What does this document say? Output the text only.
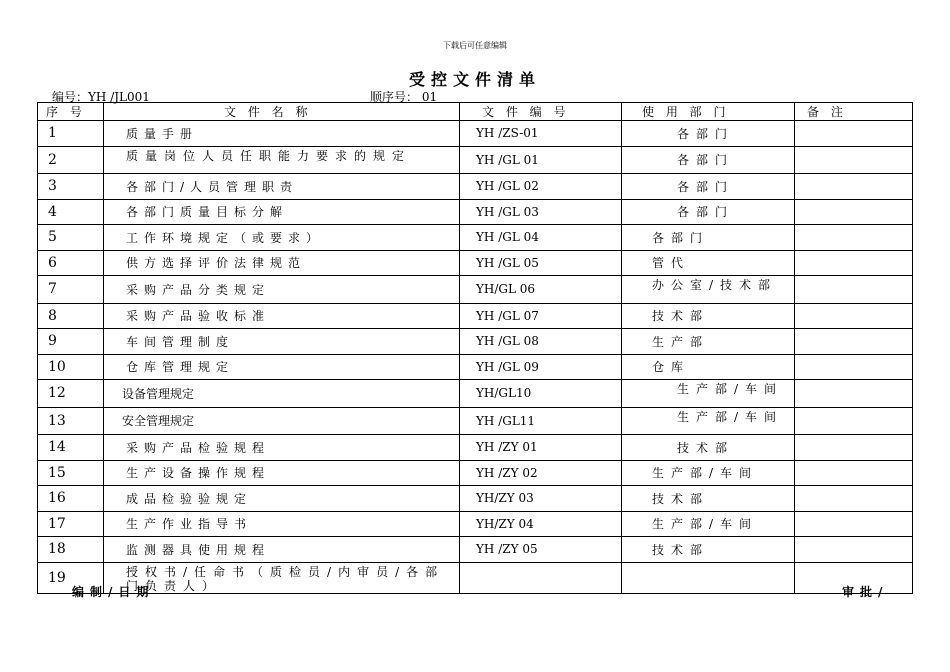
下载后可任意编辑
受控文件清单
编号：YH /JL001	顺序号： 01
序 号	文 件 名 称	文 件 编 号	使 用 部 门	备 注
1	质量手册	YH /ZS-01	各部门	
2	质量岗位人员任职能力要求的规定	YH /GL 01	各部门	
3	各部门/人员管理职责	YH /GL 02	各部门	
4	各部门质量目标分解	YH /GL 03	各部门	
5	工作环境规定（或要求）	YH /GL 04	各部门	
6	供方选择评价法律规范	YH /GL 05	管代	
7	采购产品分类规定	YH/GL 06	办公室/技术部	
8	采购产品验收标准	YH /GL 07	技术部	
9	车间管理制度	YH /GL 08	生产部	
10	仓库管理规定	YH /GL 09	仓库	
12	设备管理规定	YH/GL10	生产部/车间	
13	安全管理规定	YH /GL11	生产部/车间	
14	采购产品检验规程	YH /ZY 01	技术部	
15	生产设备操作规程	YH /ZY 02	生产部/车间	
16	成品检验验规定	YH/ZY 03	技术部	
17	生产作业指导书	YH/ZY 04	生产部/车间	
18	监测器具使用规程	YH /ZY 05	技术部	
19	授权书/任命书（质检员/内审员/各部门负责人）			
编制/日期	审批/
